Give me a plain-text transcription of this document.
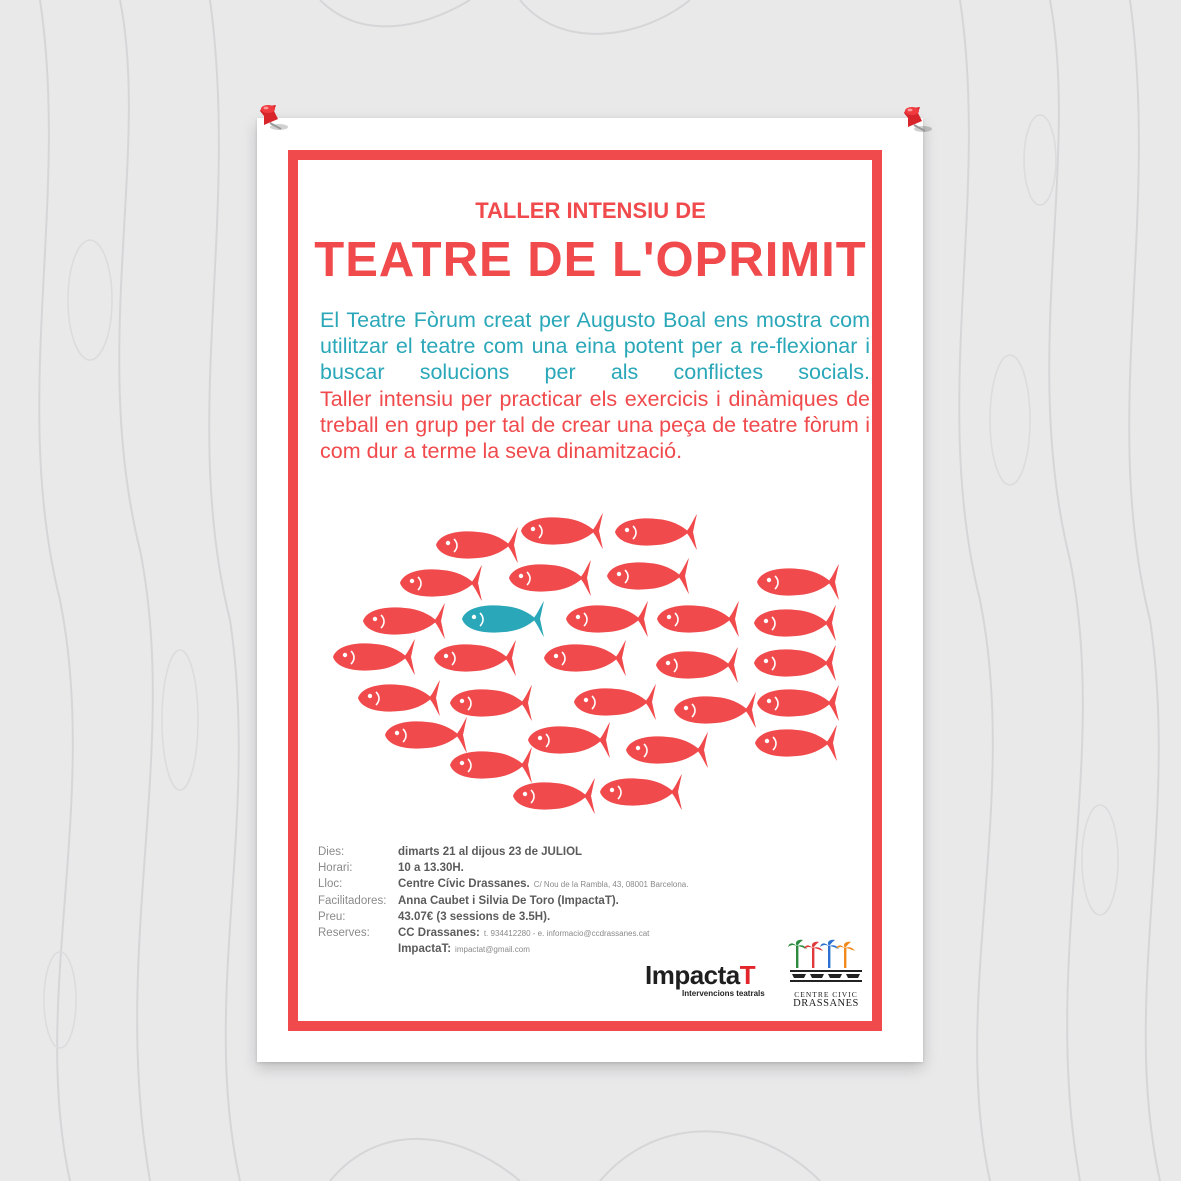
TALLER INTENSIU DE
TEATRE DE L'OPRIMIT

El Teatre Fòrum creat per Augusto Boal ens mostra com utilitzar el teatre com una eina potent per a re-flexionar i buscar solucions per als conflictes socials.

Taller intensiu per practicar els exercicis i dinàmiques de treball en grup per tal de crear una peça de teatre fòrum i com dur a terme la seva dinamització.

Dies:	dimarts 21 al dijous 23 de JULIOL
Horari:	10 a 13.30H.
Lloc:	Centre Cívic Drassanes. C/ Nou de la Rambla, 43, 08001 Barcelona.
Facilitadores:	Anna Caubet i Silvia De Toro (ImpactaT).
Preu:	43.07€ (3 sessions de 3.5H).
Reserves:	CC Drassanes: t. 934412280 - e. informacio@ccdrassanes.cat
ImpactaT: impactat@gmail.com
ImpactaT
Intervencions teatrals	CENTRE CIVIC
DRASSANES
